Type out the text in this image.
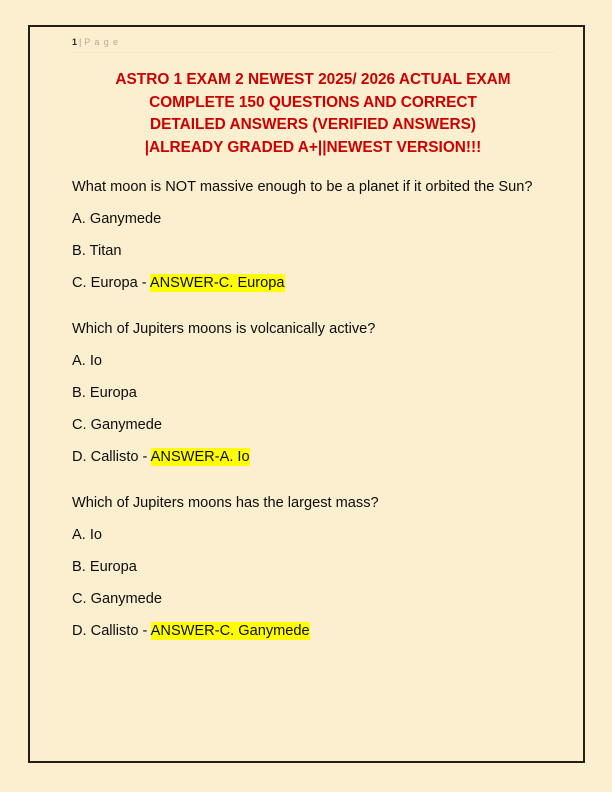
1 | P a g e
ASTRO 1 EXAM 2 NEWEST 2025/ 2026 ACTUAL EXAM
COMPLETE 150 QUESTIONS AND CORRECT
DETAILED ANSWERS (VERIFIED ANSWERS)
|ALREADY GRADED A+||NEWEST VERSION!!!

What moon is NOT massive enough to be a planet if it orbited the Sun?

A. Ganymede

B. Titan

C. Europa - ANSWER-C. Europa

Which of Jupiters moons is volcanically active?

A. Io

B. Europa

C. Ganymede

D. Callisto - ANSWER-A. Io

Which of Jupiters moons has the largest mass?

A. Io

B. Europa

C. Ganymede

D. Callisto - ANSWER-C. Ganymede
